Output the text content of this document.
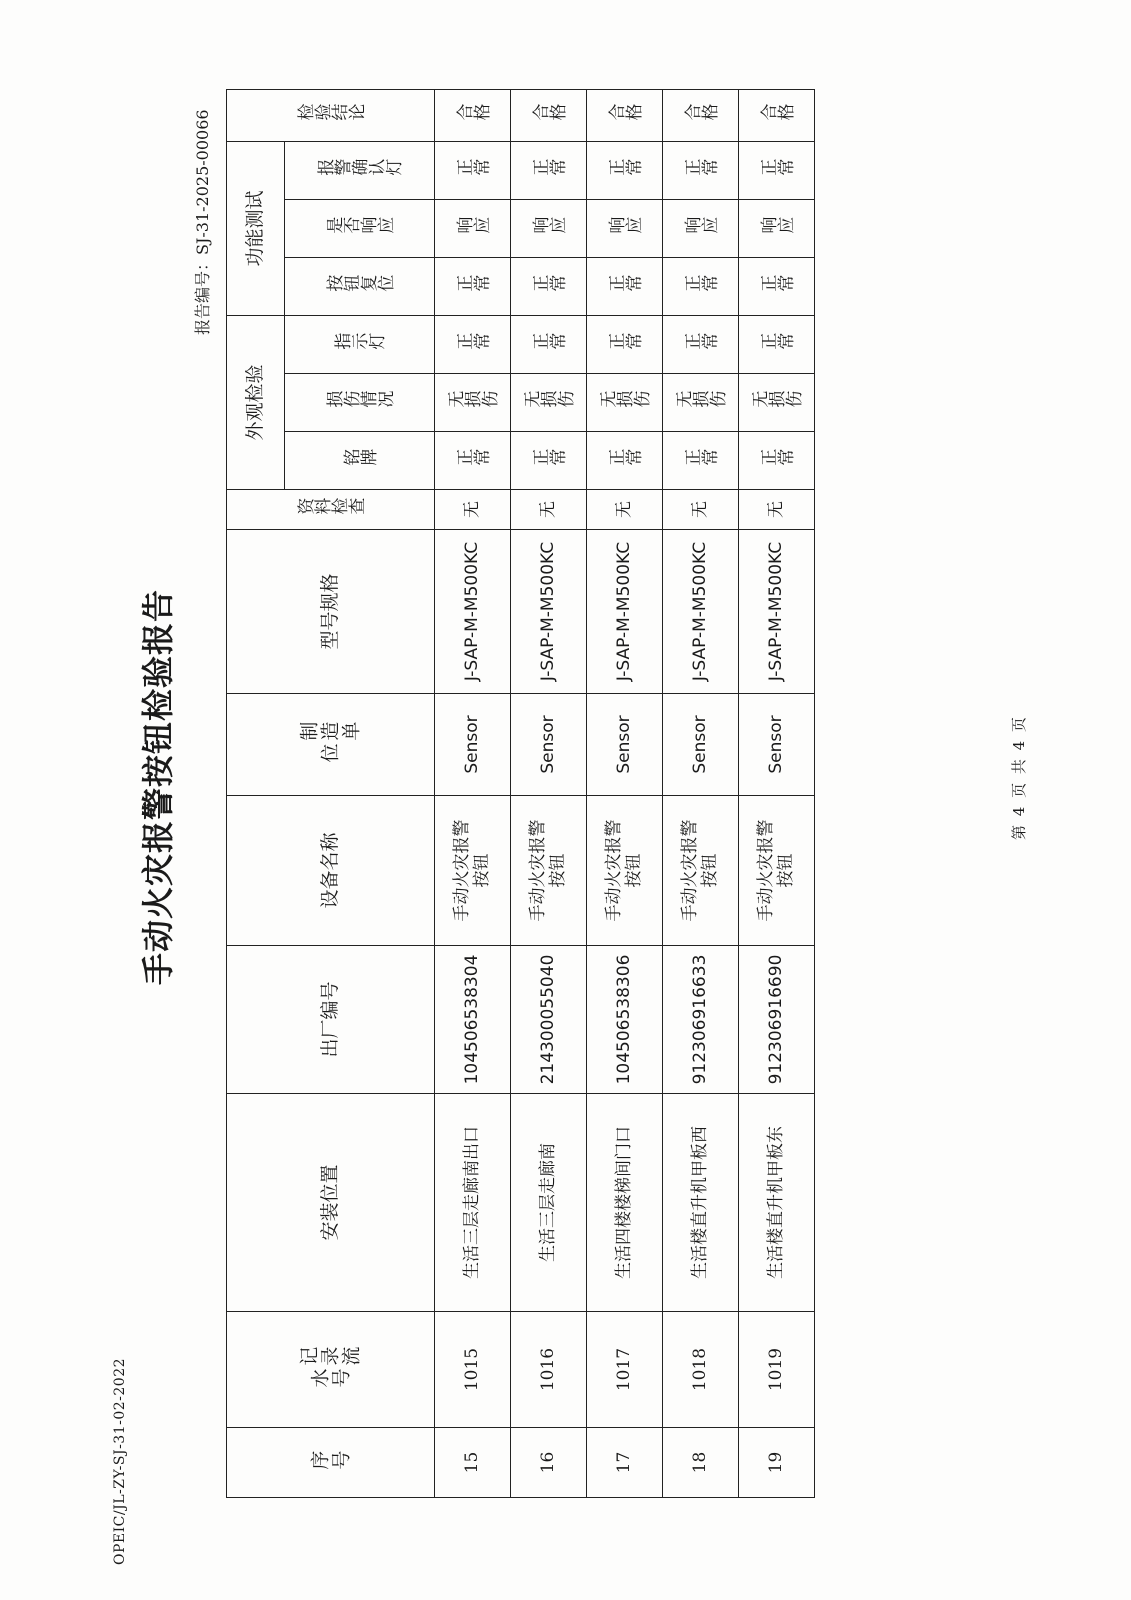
手动火灾报警按钮检验报告
OPEIC/JL-ZY-SJ-31-02-2022
报告编号：SJ-31-2025-00066
第 4 页 共 4 页
序号	记录流水号	安装位置	出厂编号	设备名称	制造单位	型号规格	资料检查	外观检验			功能测试			检验结论

								铭牌	损伤情况	指示灯	按钮复位	是否响应	报警确认灯	

15	1015	生活三层走廊南出口	104506538304	手动火灾报警按钮	Sensor	J-SAP-M-M500KC	无	正常	无损伤	正常	正常	响应	正常	合格

16	1016	生活三层走廊南	214300055040	手动火灾报警按钮	Sensor	J-SAP-M-M500KC	无	正常	无损伤	正常	正常	响应	正常	合格

17	1017	生活四楼楼梯间门口	104506538306	手动火灾报警按钮	Sensor	J-SAP-M-M500KC	无	正常	无损伤	正常	正常	响应	正常	合格

18	1018	生活楼直升机甲板西	912306916633	手动火灾报警按钮	Sensor	J-SAP-M-M500KC	无	正常	无损伤	正常	正常	响应	正常	合格

19	1019	生活楼直升机甲板东	912306916690	手动火灾报警按钮	Sensor	J-SAP-M-M500KC	无	正常	无损伤	正常	正常	响应	正常	合格
